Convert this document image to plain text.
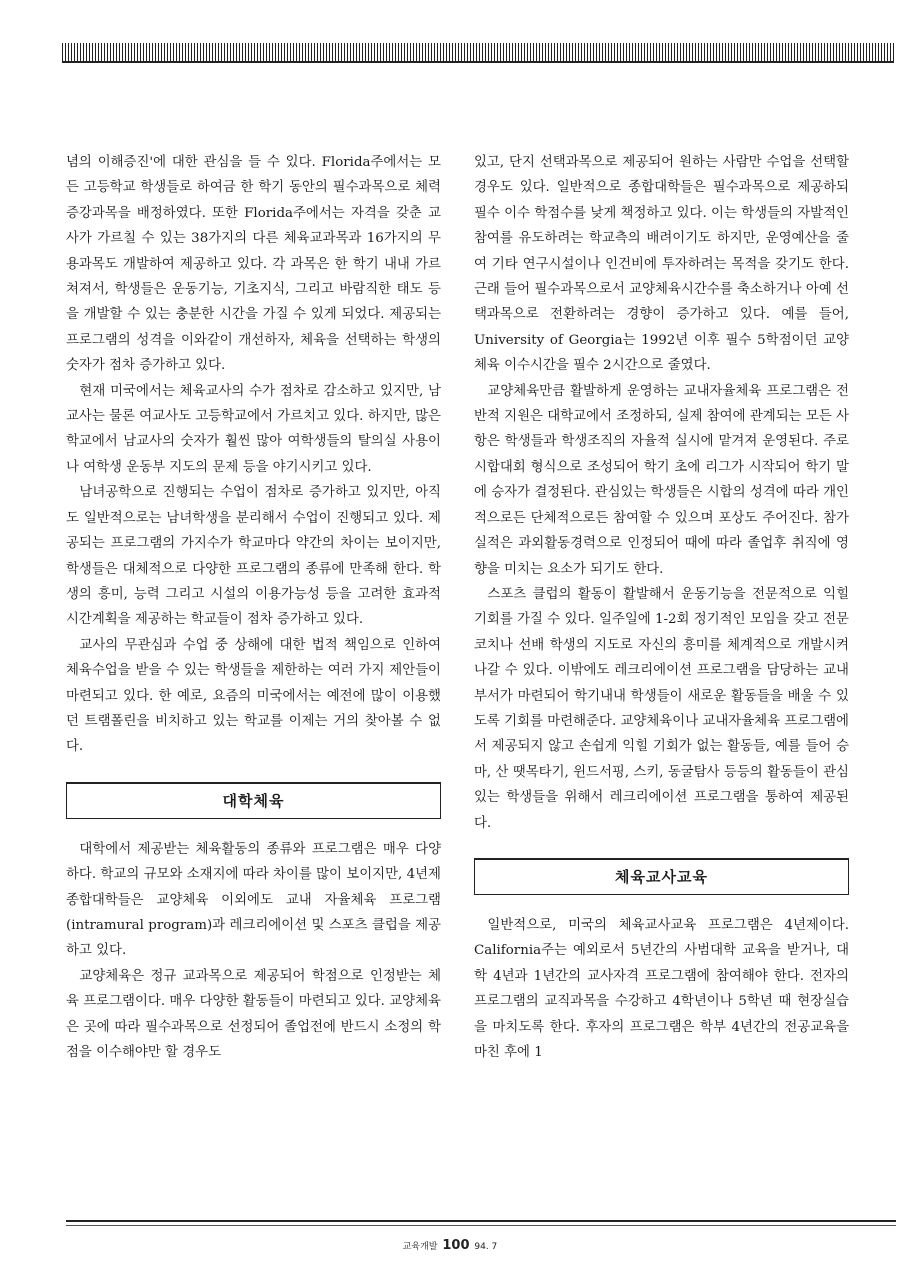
념의 이해증진'에 대한 관심을 들 수 있다. Florida주에서는 모든 고등학교 학생들로 하여금 한 학기 동안의 필수과목으로 체력증강과목을 배정하였다. 또한 Florida주에서는 자격을 갖춘 교사가 가르칠 수 있는 38가지의 다른 체육교과목과 16가지의 무용과목도 개발하여 제공하고 있다. 각 과목은 한 학기 내내 가르쳐져서, 학생들은 운동기능, 기초지식, 그리고 바람직한 태도 등을 개발할 수 있는 충분한 시간을 가질 수 있게 되었다. 제공되는 프로그램의 성격을 이와같이 개선하자, 체육을 선택하는 학생의 숫자가 점차 증가하고 있다.

현재 미국에서는 체육교사의 수가 점차로 감소하고 있지만, 남교사는 물론 여교사도 고등학교에서 가르치고 있다. 하지만, 많은 학교에서 남교사의 숫자가 훨씬 많아 여학생들의 탈의실 사용이나 여학생 운동부 지도의 문제 등을 야기시키고 있다.

남녀공학으로 진행되는 수업이 점차로 증가하고 있지만, 아직도 일반적으로는 남녀학생을 분리해서 수업이 진행되고 있다. 제공되는 프로그램의 가지수가 학교마다 약간의 차이는 보이지만, 학생들은 대체적으로 다양한 프로그램의 종류에 만족해 한다. 학생의 흥미, 능력 그리고 시설의 이용가능성 등을 고려한 효과적 시간계획을 제공하는 학교들이 점차 증가하고 있다.

교사의 무관심과 수업 중 상해에 대한 법적 책임으로 인하여 체육수업을 받을 수 있는 학생들을 제한하는 여러 가지 제안들이 마련되고 있다. 한 예로, 요즘의 미국에서는 예전에 많이 이용했던 트램폴린을 비치하고 있는 학교를 이제는 거의 찾아볼 수 없다.

대학체육

대학에서 제공받는 체육활동의 종류와 프로그램은 매우 다양하다. 학교의 규모와 소재지에 따라 차이를 많이 보이지만, 4년제 종합대학들은 교양체육 이외에도 교내 자율체육 프로그램 (intramural program)과 레크리에이션 및 스포츠 클럽을 제공하고 있다.

교양체육은 정규 교과목으로 제공되어 학점으로 인정받는 체육 프로그램이다. 매우 다양한 활동들이 마련되고 있다. 교양체육은 곳에 따라 필수과목으로 선정되어 졸업전에 반드시 소정의 학점을 이수해야만 할 경우도

있고, 단지 선택과목으로 제공되어 원하는 사람만 수업을 선택할 경우도 있다. 일반적으로 종합대학들은 필수과목으로 제공하되 필수 이수 학점수를 낮게 책정하고 있다. 이는 학생들의 자발적인 참여를 유도하려는 학교측의 배려이기도 하지만, 운영예산을 줄여 기타 연구시설이나 인건비에 투자하려는 목적을 갖기도 한다. 근래 들어 필수과목으로서 교양체육시간수를 축소하거나 아예 선택과목으로 전환하려는 경향이 증가하고 있다. 예를 들어, University of Georgia는 1992년 이후 필수 5학점이던 교양체육 이수시간을 필수 2시간으로 줄였다.

교양체육만큼 활발하게 운영하는 교내자율체육 프로그램은 전반적 지원은 대학교에서 조정하되, 실제 참여에 관계되는 모든 사항은 학생들과 학생조직의 자율적 실시에 맡겨져 운영된다. 주로 시합대회 형식으로 조성되어 학기 초에 리그가 시작되어 학기 말에 승자가 결정된다. 관심있는 학생들은 시합의 성격에 따라 개인적으로든 단체적으로든 참여할 수 있으며 포상도 주어진다. 참가실적은 과외활동경력으로 인정되어 때에 따라 졸업후 취직에 영향을 미치는 요소가 되기도 한다.

스포츠 클럽의 활동이 활발해서 운동기능을 전문적으로 익힐 기회를 가질 수 있다. 일주일에 1-2회 정기적인 모임을 갖고 전문 코치나 선배 학생의 지도로 자신의 흥미를 체계적으로 개발시켜 나갈 수 있다. 이밖에도 레크리에이션 프로그램을 담당하는 교내 부서가 마련되어 학기내내 학생들이 새로운 활동들을 배울 수 있도록 기회를 마련해준다. 교양체육이나 교내자율체육 프로그램에서 제공되지 않고 손쉽게 익힐 기회가 없는 활동들, 예를 들어 승마, 산 땟목타기, 윈드서핑, 스키, 동굴탐사 등등의 활동들이 관심있는 학생들을 위해서 레크리에이션 프로그램을 통하여 제공된다.

체육교사교육

일반적으로, 미국의 체육교사교육 프로그램은 4년제이다. California주는 예외로서 5년간의 사범대학 교육을 받거나, 대학 4년과 1년간의 교사자격 프로그램에 참여해야 한다. 전자의 프로그램의 교직과목을 수강하고 4학년이나 5학년 때 현장실습을 마치도록 한다. 후자의 프로그램은 학부 4년간의 전공교육을 마친 후에 1

교육개발 100 94. 7
